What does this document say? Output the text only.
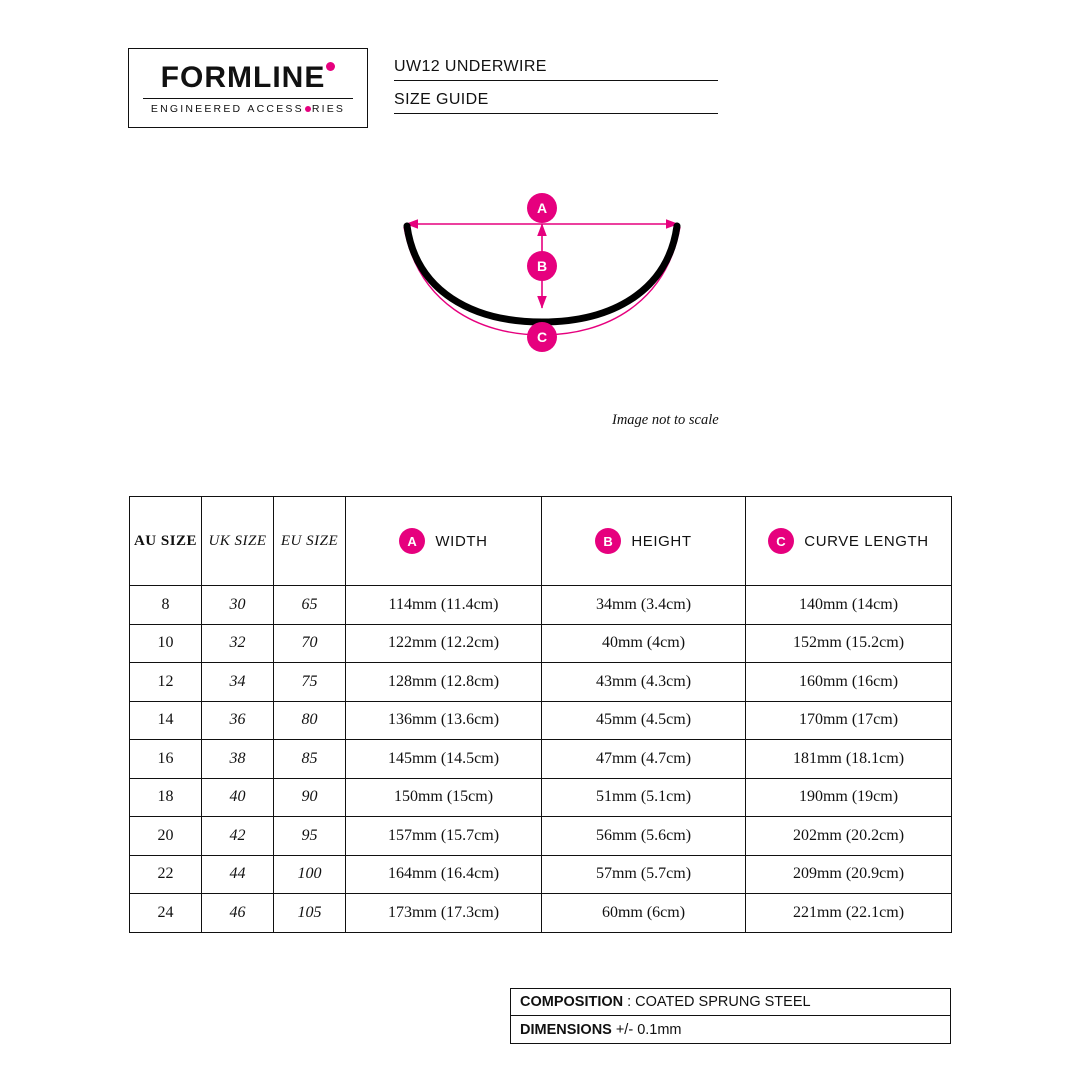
FORMLINE
ENGINEERED ACCESS RIES
UW12 UNDERWIRE
SIZE GUIDE
A
B
C
Image not to scale
AU SIZE	UK SIZE	EU SIZE	A WIDTH	B HEIGHT	C CURVE LENGTH

8	30	65	114mm (11.4cm)	34mm (3.4cm)	140mm (14cm)
10	32	70	122mm (12.2cm)	40mm (4cm)	152mm (15.2cm)
12	34	75	128mm (12.8cm)	43mm (4.3cm)	160mm (16cm)
14	36	80	136mm (13.6cm)	45mm (4.5cm)	170mm (17cm)
16	38	85	145mm (14.5cm)	47mm (4.7cm)	181mm (18.1cm)
18	40	90	150mm (15cm)	51mm (5.1cm)	190mm (19cm)
20	42	95	157mm (15.7cm)	56mm (5.6cm)	202mm (20.2cm)
22	44	100	164mm (16.4cm)	57mm (5.7cm)	209mm (20.9cm)
24	46	105	173mm (17.3cm)	60mm (6cm)	221mm (22.1cm)
COMPOSITION : COATED SPRUNG STEEL
DIMENSIONS +/- 0.1mm
